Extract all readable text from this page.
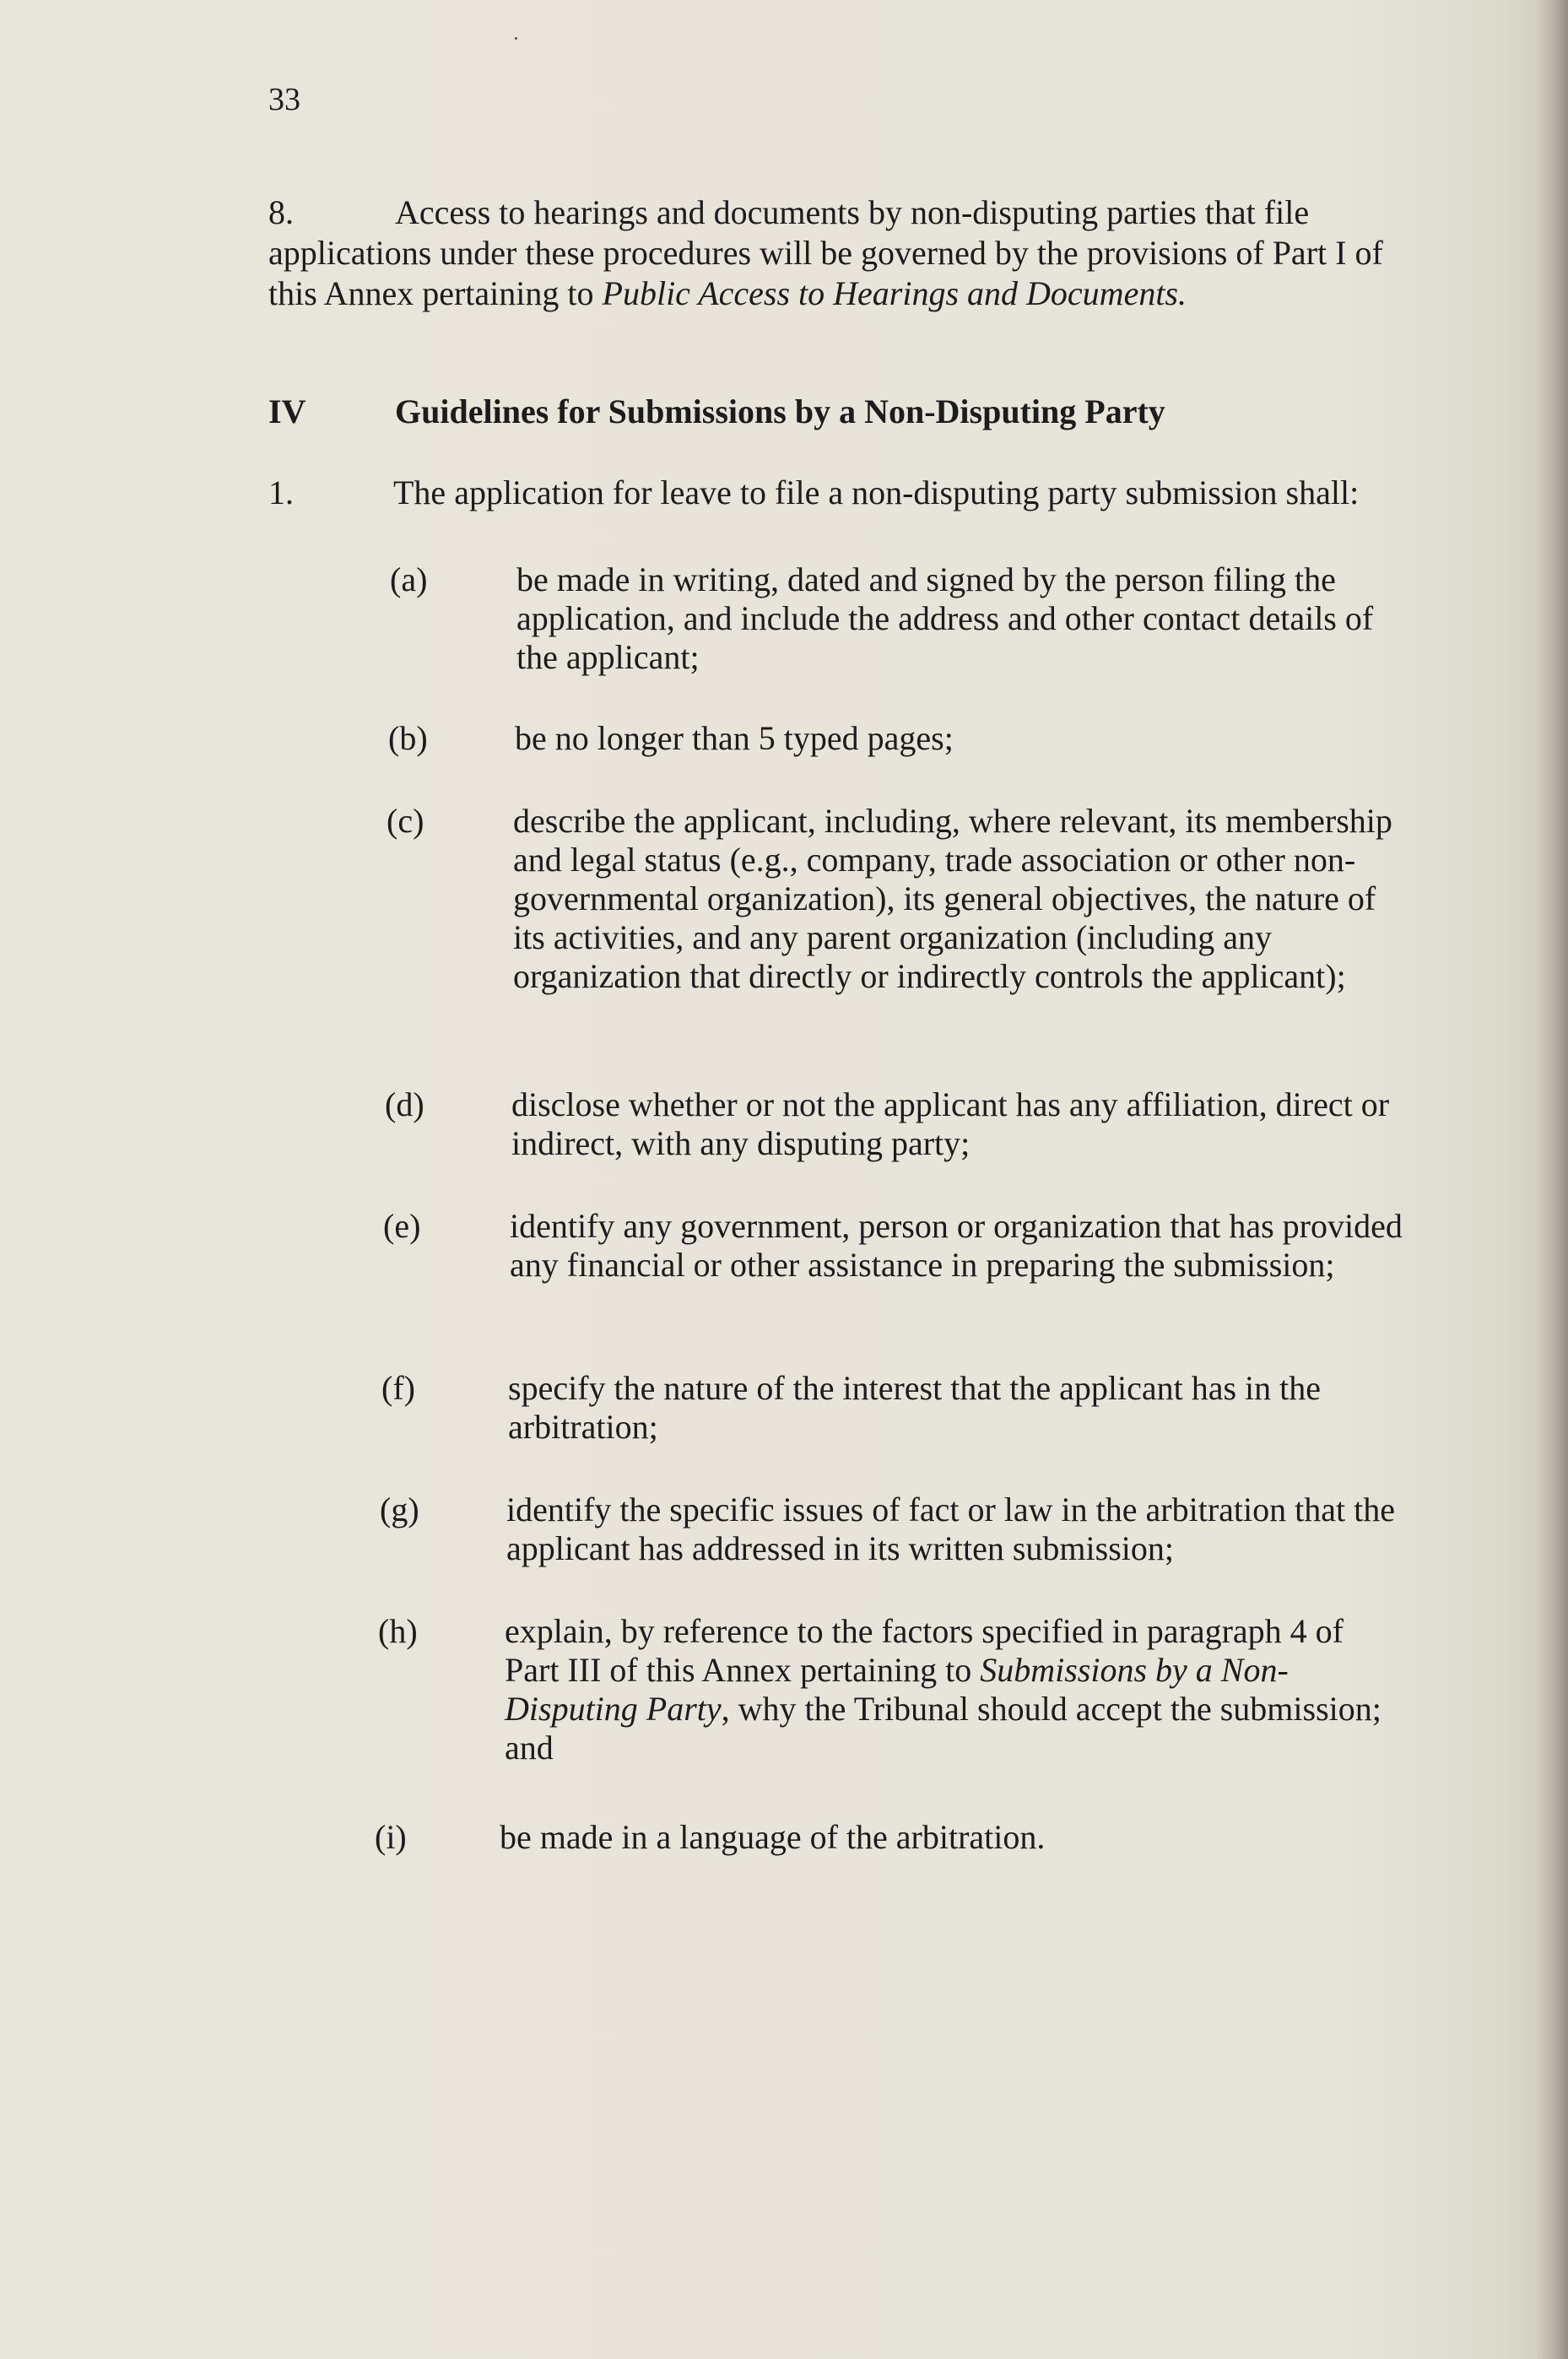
33
8.	Access to hearings and documents by non-disputing parties that file applications under these procedures will be governed by the provisions of Part I of this Annex pertaining to Public Access to Hearings and Documents.
IV	Guidelines for Submissions by a Non-Disputing Party
1.	The application for leave to file a non-disputing party submission shall:
(a)	be made in writing, dated and signed by the person filing the application, and include the address and other contact details of the applicant;
(b)	be no longer than 5 typed pages;
(c)	describe the applicant, including, where relevant, its membership and legal status (e.g., company, trade association or other non-governmental organization), its general objectives, the nature of its activities, and any parent organization (including any organization that directly or indirectly controls the applicant);
(d)	disclose whether or not the applicant has any affiliation, direct or indirect, with any disputing party;
(e)	identify any government, person or organization that has provided any financial or other assistance in preparing the submission;
(f)	specify the nature of the interest that the applicant has in the arbitration;
(g)	identify the specific issues of fact or law in the arbitration that the applicant has addressed in its written submission;
(h)	explain, by reference to the factors specified in paragraph 4 of Part III of this Annex pertaining to Submissions by a Non-Disputing Party, why the Tribunal should accept the submission; and
(i)	be made in a language of the arbitration.
